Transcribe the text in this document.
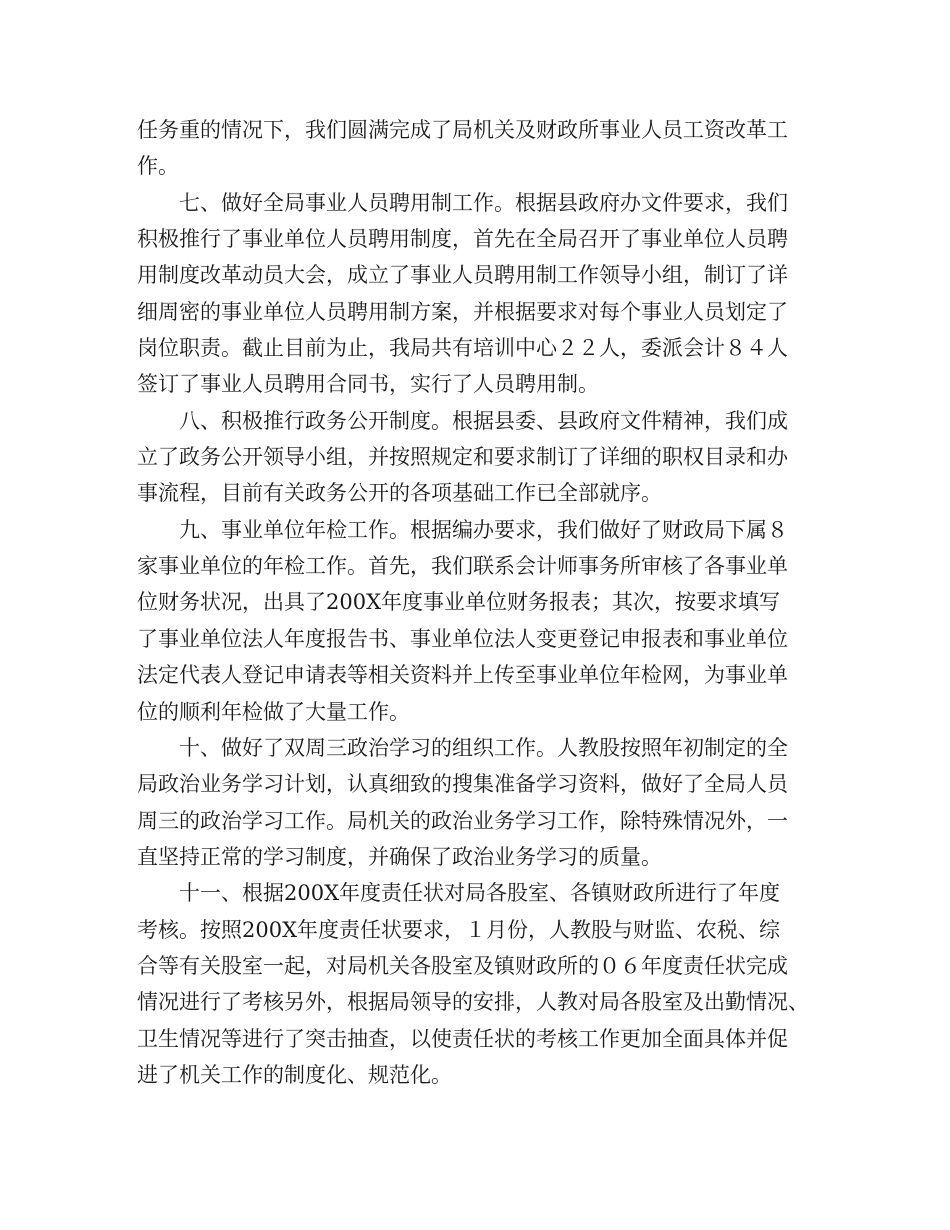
任务重的情况下，我们圆满完成了局机关及财政所事业人员工资改革工
作。
　　七、做好全局事业人员聘用制工作。根据县政府办文件要求，我们
积极推行了事业单位人员聘用制度，首先在全局召开了事业单位人员聘
用制度改革动员大会，成立了事业人员聘用制工作领导小组，制订了详
细周密的事业单位人员聘用制方案，并根据要求对每个事业人员划定了
岗位职责。截止目前为止，我局共有培训中心２２人，委派会计８４人
签订了事业人员聘用合同书，实行了人员聘用制。
　　八、积极推行政务公开制度。根据县委、县政府文件精神，我们成
立了政务公开领导小组，并按照规定和要求制订了详细的职权目录和办
事流程，目前有关政务公开的各项基础工作已全部就序。
　　九、事业单位年检工作。根据编办要求，我们做好了财政局下属８
家事业单位的年检工作。首先，我们联系会计师事务所审核了各事业单
位财务状况，出具了200X年度事业单位财务报表；其次，按要求填写
了事业单位法人年度报告书、事业单位法人变更登记申报表和事业单位
法定代表人登记申请表等相关资料并上传至事业单位年检网，为事业单
位的顺利年检做了大量工作。
　　十、做好了双周三政治学习的组织工作。人教股按照年初制定的全
局政治业务学习计划，认真细致的搜集准备学习资料，做好了全局人员
周三的政治学习工作。局机关的政治业务学习工作，除特殊情况外，一
直坚持正常的学习制度，并确保了政治业务学习的质量。
　　十一、根据200X年度责任状对局各股室、各镇财政所进行了年度
考核。按照200X年度责任状要求，１月份，人教股与财监、农税、综
合等有关股室一起，对局机关各股室及镇财政所的０６年度责任状完成
情况进行了考核另外，根据局领导的安排，人教对局各股室及出勤情况、
卫生情况等进行了突击抽查，以使责任状的考核工作更加全面具体并促
进了机关工作的制度化、规范化。
